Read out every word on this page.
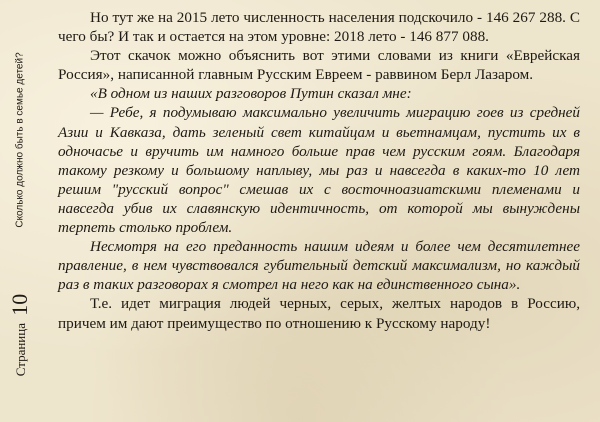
Страница 10
Сколько должно быть в семье детей?

Но тут же на 2015 лето численность населения подскочило - 146 267 288. С чего бы? И так и остается на этом уровне: 2018 лето - 146 877 088.

Этот скачок можно объяснить вот этими словами из книги «Еврейская Россия», написанной главным Русским Евреем - раввином Берл Лазаром.

«В одном из наших разговоров Путин сказал мне:

— Ребе, я подумываю максимально увеличить миграцию гоев из средней Азии и Кавказа, дать зеленый свет китайцам и вьетнамцам, пустить их в одночасье и вручить им намного больше прав чем русским гоям. Благодаря такому резкому и большому наплыву, мы раз и навсегда в каких-то 10 лет решим "русский вопрос" смешав их с восточноазиатскими племенами и навсегда убив их славянскую идентичность, от которой мы вынуждены терпеть столько проблем.

Несмотря на его преданность нашим идеям и более чем десятилетнее правление, в нем чувствовался губительный детский максимализм, но каждый раз в таких разговорах я смотрел на него как на единственного сына».

Т.е. идет миграция людей черных, серых, желтых народов в Россию, причем им дают преимущество по отношению к Русскому народу!
